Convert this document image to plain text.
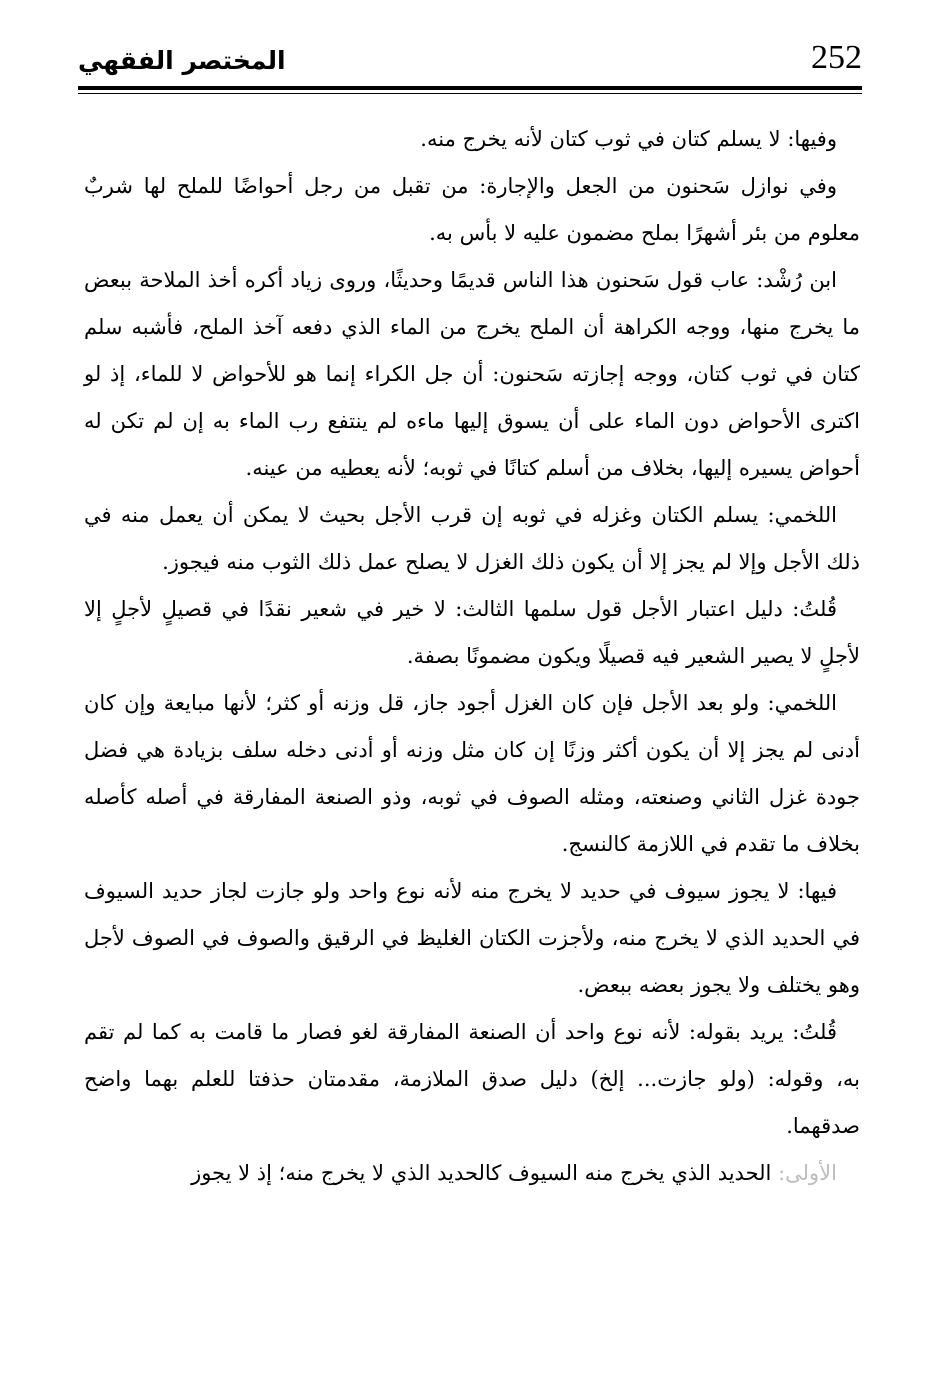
252
المختصر الفقهي

وفيها: لا يسلم كتان في ثوب كتان لأنه يخرج منه.

وفي نوازل سَحنون من الجعل والإجارة: من تقبل من رجل أحواضًا للملح لها شربٌ معلوم من بئر أشهرًا بملح مضمون عليه لا بأس به.

ابن رُشْد: عاب قول سَحنون هذا الناس قديمًا وحديثًا، وروى زياد أكره أخذ الملاحة ببعض ما يخرج منها، ووجه الكراهة أن الملح يخرج من الماء الذي دفعه آخذ الملح، فأشبه سلم كتان في ثوب كتان، ووجه إجازته سَحنون: أن جل الكراء إنما هو للأحواض لا للماء، إذ لو اكترى الأحواض دون الماء على أن يسوق إليها ماءه لم ينتفع رب الماء به إن لم تكن له أحواض يسيره إليها، بخلاف من أسلم كتانًا في ثوبه؛ لأنه يعطيه من عينه.

اللخمي: يسلم الكتان وغزله في ثوبه إن قرب الأجل بحيث لا يمكن أن يعمل منه في ذلك الأجل وإلا لم يجز إلا أن يكون ذلك الغزل لا يصلح عمل ذلك الثوب منه فيجوز.

قُلتُ: دليل اعتبار الأجل قول سلمها الثالث: لا خير في شعير نقدًا في قصيلٍ لأجلٍ إلا لأجلٍ لا يصير الشعير فيه قصيلًا ويكون مضمونًا بصفة.

اللخمي: ولو بعد الأجل فإن كان الغزل أجود جاز، قل وزنه أو كثر؛ لأنها مبايعة وإن كان أدنى لم يجز إلا أن يكون أكثر وزنًا إن كان مثل وزنه أو أدنى دخله سلف بزيادة هي فضل جودة غزل الثاني وصنعته، ومثله الصوف في ثوبه، وذو الصنعة المفارقة في أصله كأصله بخلاف ما تقدم في اللازمة كالنسج.

فيها: لا يجوز سيوف في حديد لا يخرج منه لأنه نوع واحد ولو جازت لجاز حديد السيوف في الحديد الذي لا يخرج منه، ولأجزت الكتان الغليظ في الرقيق والصوف في الصوف لأجل وهو يختلف ولا يجوز بعضه ببعض.

قُلتُ: يريد بقوله: لأنه نوع واحد أن الصنعة المفارقة لغو فصار ما قامت به كما لم تقم به، وقوله: (ولو جازت... إلخ) دليل صدق الملازمة، مقدمتان حذفتا للعلم بهما واضح صدقهما.

الأولى: الحديد الذي يخرج منه السيوف كالحديد الذي لا يخرج منه؛ إذ لا يجوز
